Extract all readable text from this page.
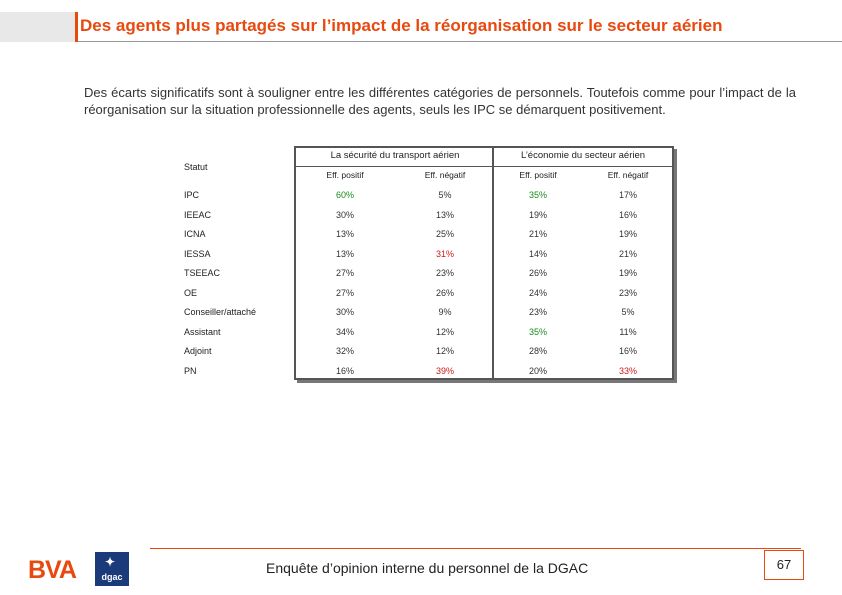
Des agents plus partagés sur l’impact de la réorganisation sur le secteur aérien
Des écarts significatifs sont à souligner entre les différentes catégories de personnels. Toutefois comme pour l’impact de la réorganisation sur la situation professionnelle des agents, seuls les IPC se démarquent positivement.
Statut
La sécurité du transport aérien	L’économie du secteur aérien
Eff. positif	Eff. négatif	Eff. positif	Eff. négatif
IPC	60%	5%	35%	17%
IEEAC	30%	13%	19%	16%
ICNA	13%	25%	21%	19%
IESSA	13%	31%	14%	21%
TSEEAC	27%	23%	26%	19%
OE	27%	26%	24%	23%
Conseiller/attaché	30%	9%	23%	5%
Assistant	34%	12%	35%	11%
Adjoint	32%	12%	28%	16%
PN	16%	39%	20%	33%
BVA ✦
dgac
Enquête d’opinion interne du personnel de la DGAC	67
